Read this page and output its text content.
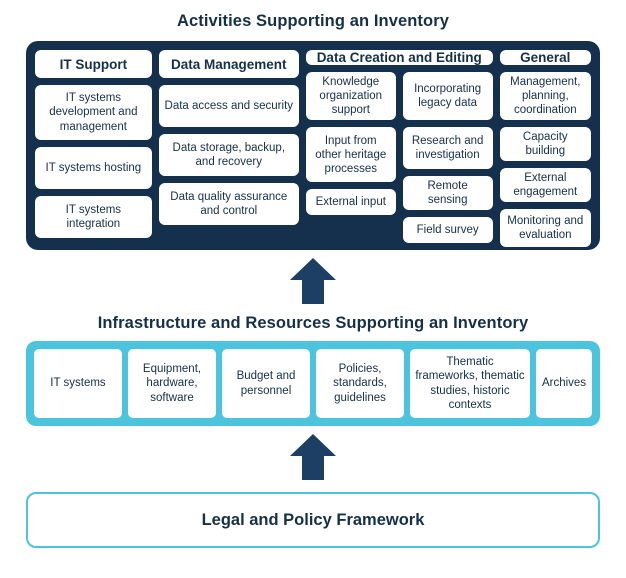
Activities Supporting an Inventory
IT Support
IT systems development and management
IT systems hosting
IT systems integration
Data Management
Data access and security
Data storage, backup, and recovery
Data quality assurance and control
Data Creation and Editing
Knowledge organization support
Input from other heritage processes
External input
Incorporating legacy data
Research and investigation
Remote sensing
Field survey
General
Management, planning, coordination
Capacity building
External engagement
Monitoring and evaluation
Infrastructure and Resources Supporting an Inventory
IT systems
Equipment, hardware, software
Budget and personnel
Policies, standards, guidelines
Thematic frameworks, thematic studies, historic contexts
Archives
Legal and Policy Framework
